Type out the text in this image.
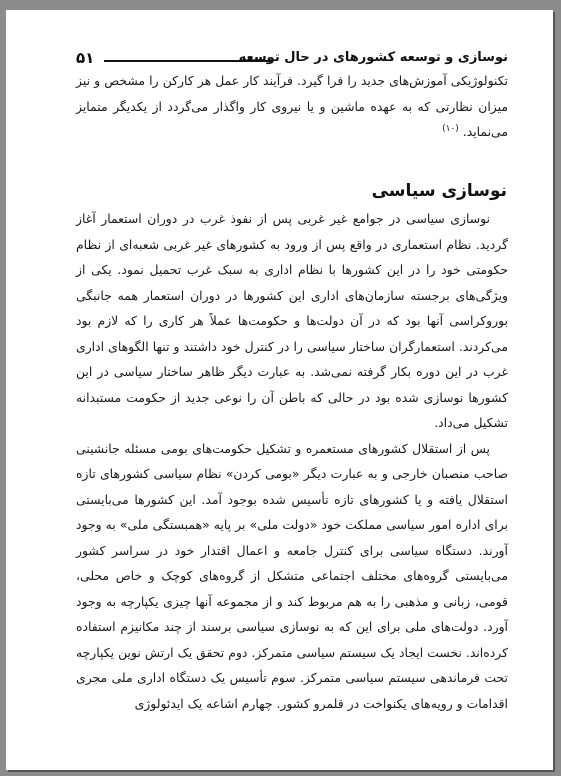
نوسازی و توسعه کشورهای در حال توسعه
۵۱

تکنولوژیکی آموزش‌های جدید را فرا گیرد. فرآیند کار عمل هر کارکن را مشخص و نیز میزان نظارتی که به عهده ماشین و یا نیروی کار واگذار می‌گردد از یکدیگر متمایز می‌نماید. $^{(۱۰)}$

نوسازی سیاسی

نوسازی سیاسی در جوامع غیر غربی پس از نفوذ غرب در دوران استعمار آغاز گردید. نظام استعماری در واقع پس از ورود به کشورهای غیر غربی شعبه‌ای از نظام حکومتی خود را در این کشورها با نظام اداری به سبک غرب تحمیل نمود. یکی از ویژگی‌های برجسته سازمان‌های اداری این کشورها در دوران استعمار همه جانبگی بوروکراسی آنها بود که در آن دولت‌ها و حکومت‌ها عملاً هر کاری را که لازم بود می‌کردند. استعمارگران ساختار سیاسی را در کنترل خود داشتند و تنها الگوهای اداری غرب در این دوره بکار گرفته نمی‌شد. به عبارت دیگر ظاهر ساختار سیاسی در این کشورها نوسازی شده بود در حالی که باطن آن را نوعی جدید از حکومت مستبدانه تشکیل می‌داد.

پس از استقلال کشورهای مستعمره و تشکیل حکومت‌های بومی مسئله جانشینی صاحب منصبان خارجی و به عبارت دیگر «بومی کردن» نظام سیاسی کشورهای تازه استقلال یافته و یا کشورهای تازه تأسیس شده بوجود آمد. این کشورها می‌بایستی برای اداره امور سیاسی مملکت خود «دولت ملی» بر پایه «همبستگی ملی» به وجود آورند. دستگاه سیاسی برای کنترل جامعه و اعمال اقتدار خود در سراسر کشور می‌بایستی گروه‌های مختلف اجتماعی متشکل از گروه‌های کوچک و خاص محلی، قومی، زبانی و مذهبی را به هم مربوط کند و از مجموعه آنها چیزی یکپارچه به وجود آورد. دولت‌های ملی برای این که به نوسازی سیاسی برسند از چند مکانیزم استفاده کرده‌اند. نخست ایجاد یک سیستم سیاسی متمرکز. دوم تحقق یک ارتش نوین یکپارچه تحت فرماندهی سیستم سیاسی متمرکز. سوم تأسیس یک دستگاه اداری ملی مجری اقدامات و رویه‌های یکنواخت در قلمرو کشور. چهارم اشاعه یک ایدئولوژی
